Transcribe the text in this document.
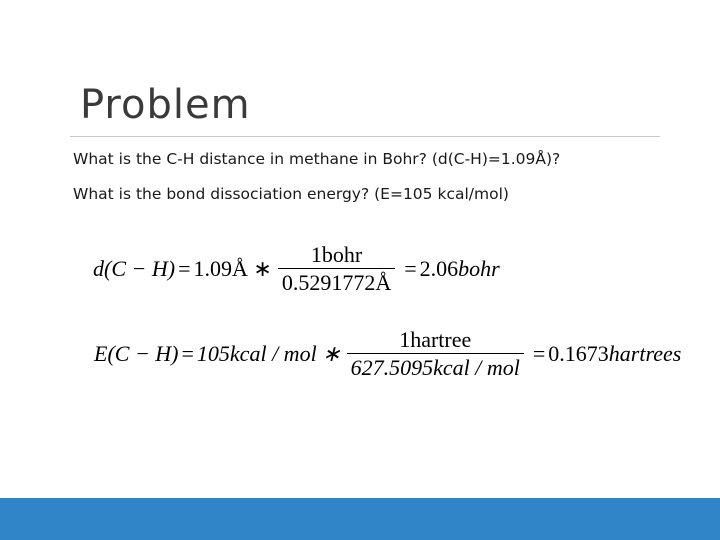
Problem
What is the C-H distance in methane in Bohr? (d(C-H)=1.09Å)?
What is the bond dissociation energy? (E=105 kcal/mol)
d(C − H) = 1.09Å ∗ $\frac{\text{1bohr}}{0.5291772Å} = 2.06$ bohr
E(C − H) = 105kcal / mol ∗ $\frac{\text{1hartree}}{\text{627.5095kcal / mol}} = 0.1673$ hartrees
